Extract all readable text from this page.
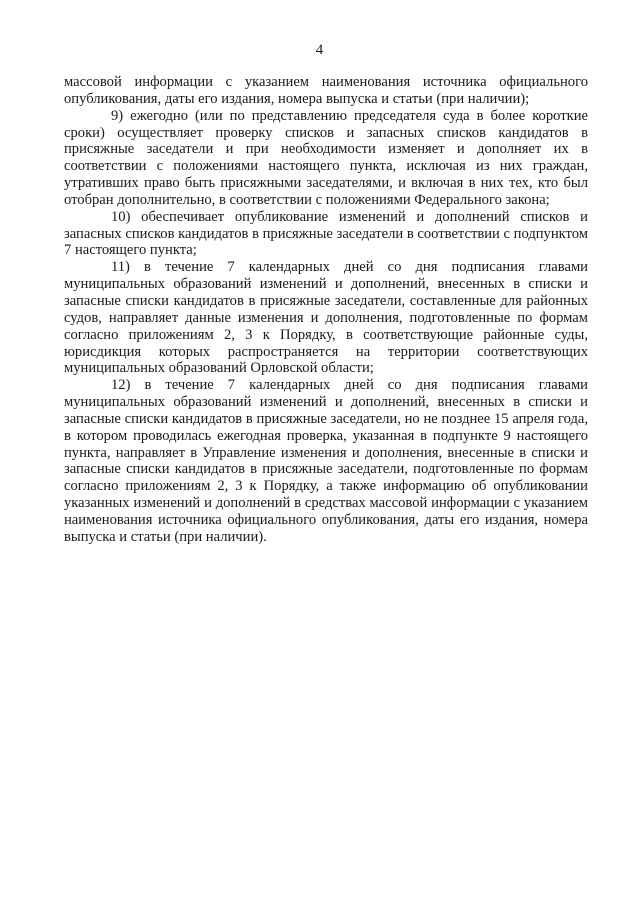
4

массовой информации с указанием наименования источника официального опубликования, даты его издания, номера выпуска и статьи (при наличии);

9) ежегодно (или по представлению председателя суда в более короткие сроки) осуществляет проверку списков и запасных списков кандидатов в присяжные заседатели и при необходимости изменяет и дополняет их в соответствии с положениями настоящего пункта, исключая из них граждан, утративших право быть присяжными заседателями, и включая в них тех, кто был отобран дополнительно, в соответствии с положениями Федерального закона;

10) обеспечивает опубликование изменений и дополнений списков и запасных списков кандидатов в присяжные заседатели в соответствии с подпунктом 7 настоящего пункта;

11) в течение 7 календарных дней со дня подписания главами муниципальных образований изменений и дополнений, внесенных в списки и запасные списки кандидатов в присяжные заседатели, составленные для районных судов, направляет данные изменения и дополнения, подготовленные по формам согласно приложениям 2, 3 к Порядку, в соответствующие районные суды, юрисдикция которых распространяется на территории соответствующих муниципальных образований Орловской области;

12) в течение 7 календарных дней со дня подписания главами муниципальных образований изменений и дополнений, внесенных в списки и запасные списки кандидатов в присяжные заседатели, но не позднее 15 апреля года, в котором проводилась ежегодная проверка, указанная в подпункте 9 настоящего пункта, направляет в Управление изменения и дополнения, внесенные в списки и запасные списки кандидатов в присяжные заседатели, подготовленные по формам согласно приложениям 2, 3 к Порядку, а также информацию об опубликовании указанных изменений и дополнений в средствах массовой информации с указанием наименования источника официального опубликования, даты его издания, номера выпуска и статьи (при наличии).
